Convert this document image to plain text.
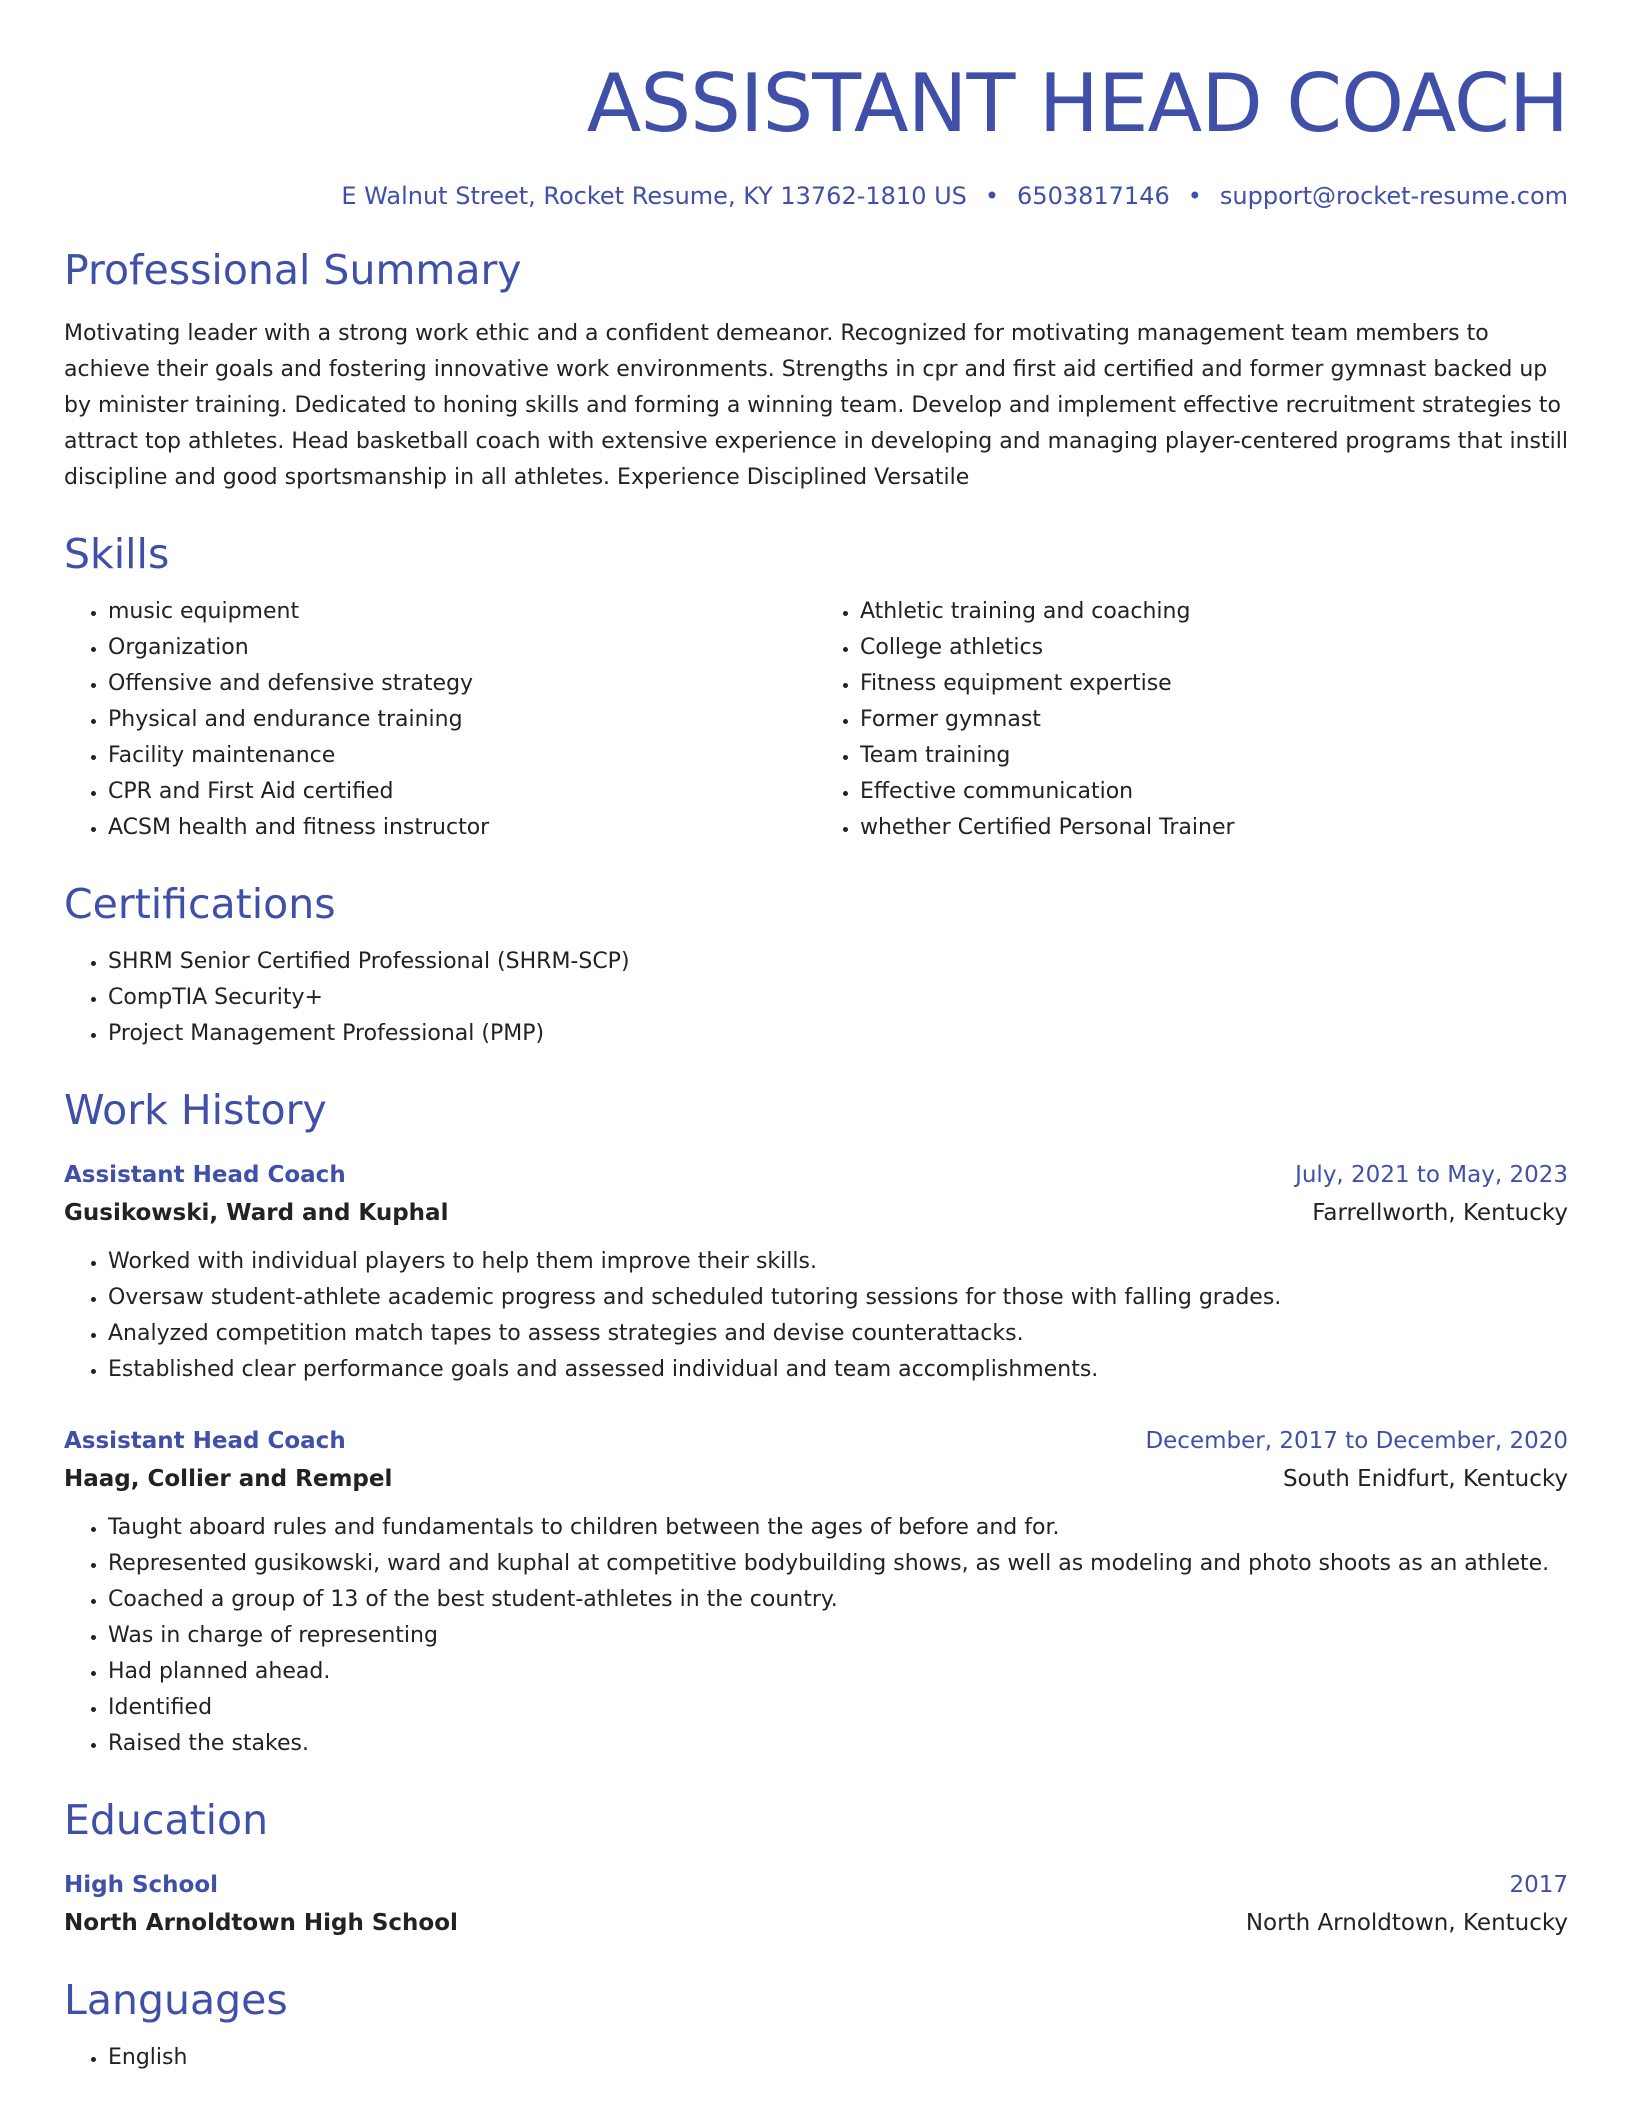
ASSISTANT HEAD COACH
E Walnut Street, Rocket Resume, KY 13762-1810 US • 6503817146 • support@rocket-resume.com
Professional Summary

Motivating leader with a strong work ethic and a confident demeanor. Recognized for motivating management team members to achieve their goals and fostering innovative work environments. Strengths in cpr and first aid certified and former gymnast backed up by minister training. Dedicated to honing skills and forming a winning team. Develop and implement effective recruitment strategies to attract top athletes. Head basketball coach with extensive experience in developing and managing player-centered programs that instill discipline and good sportsmanship in all athletes. Experience Disciplined Versatile

Skills
• music equipment
• Organization
• Offensive and defensive strategy
• Physical and endurance training
• Facility maintenance
• CPR and First Aid certified
• ACSM health and fitness instructor
• Athletic training and coaching
• College athletics
• Fitness equipment expertise
• Former gymnast
• Team training
• Effective communication
• whether Certified Personal Trainer
Certifications
• SHRM Senior Certified Professional (SHRM-SCP)
• CompTIA Security+
• Project Management Professional (PMP)
Work History
Assistant Head Coach	July, 2021 to May, 2023
Gusikowski, Ward and Kuphal	Farrellworth, Kentucky
• Worked with individual players to help them improve their skills.
• Oversaw student-athlete academic progress and scheduled tutoring sessions for those with falling grades.
• Analyzed competition match tapes to assess strategies and devise counterattacks.
• Established clear performance goals and assessed individual and team accomplishments.
Assistant Head Coach	December, 2017 to December, 2020
Haag, Collier and Rempel	South Enidfurt, Kentucky
• Taught aboard rules and fundamentals to children between the ages of before and for.
• Represented gusikowski, ward and kuphal at competitive bodybuilding shows, as well as modeling and photo shoots as an athlete.
• Coached a group of 13 of the best student-athletes in the country.
• Was in charge of representing
• Had planned ahead.
• Identified
• Raised the stakes.
Education
High School	2017
North Arnoldtown High School	North Arnoldtown, Kentucky
Languages
• English
